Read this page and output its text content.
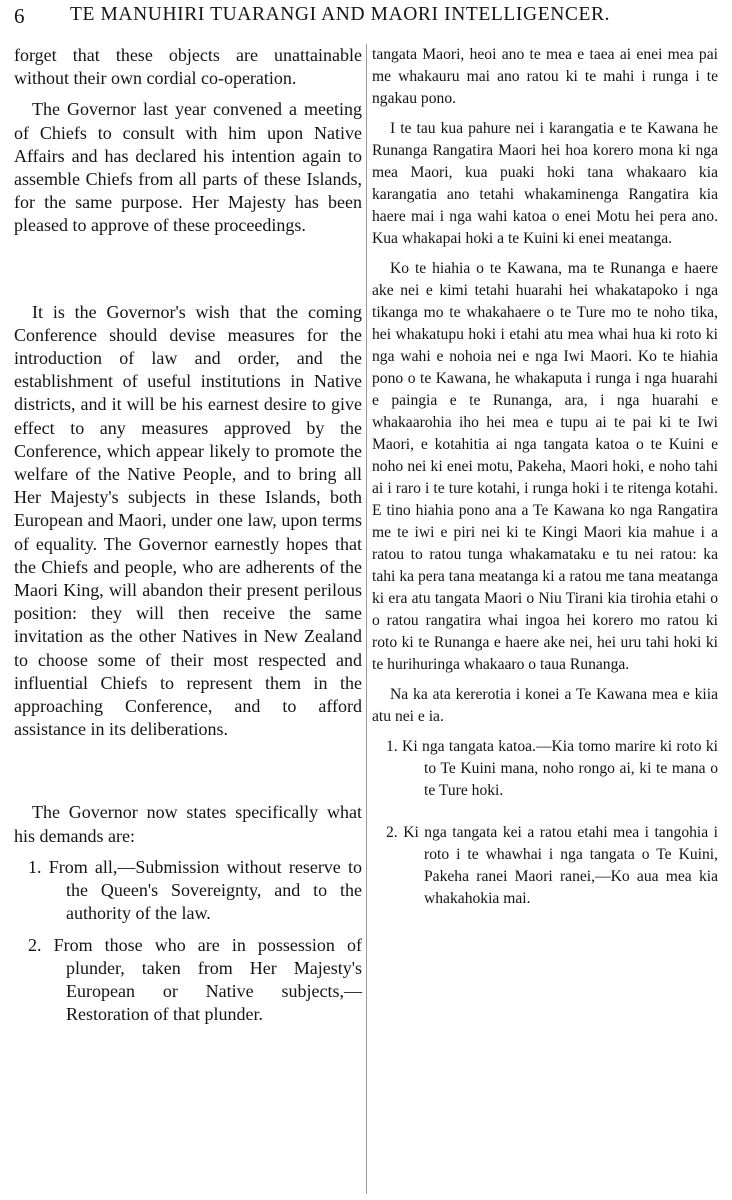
6 TE MANUHIRI TUARANGI AND MAORI INTELLIGENCER.

forget that these objects are unattainable without their own cordial co-operation.

The Governor last year convened a meeting of Chiefs to consult with him upon Native Affairs and has declared his intention again to assemble Chiefs from all parts of these Islands, for the same purpose. Her Majesty has been pleased to approve of these proceedings.

It is the Governor's wish that the coming Conference should devise measures for the introduction of law and order, and the establishment of useful institutions in Native districts, and it will be his earnest desire to give effect to any measures approved by the Conference, which appear likely to promote the welfare of the Native People, and to bring all Her Majesty's subjects in these Islands, both European and Maori, under one law, upon terms of equality. The Governor earnestly hopes that the Chiefs and people, who are adherents of the Maori King, will abandon their present perilous position: they will then receive the same invitation as the other Natives in New Zealand to choose some of their most respected and influential Chiefs to represent them in the approaching Conference, and to afford assistance in its deliberations.

The Governor now states specifically what his demands are:

1. From all,—Submission without reserve to the Queen's Sovereignty, and to the authority of the law.

2. From those who are in possession of plunder, taken from Her Majesty's European or Native subjects,—Restoration of that plunder.

tangata Maori, heoi ano te mea e taea ai enei mea pai me whakauru mai ano ratou ki te mahi i runga i te ngakau pono.

I te tau kua pahure nei i karangatia e te Kawana he Runanga Rangatira Maori hei hoa korero mona ki nga mea Maori, kua puaki hoki tana whakaaro kia karangatia ano tetahi whakaminenga Rangatira kia haere mai i nga wahi katoa o enei Motu hei pera ano. Kua whakapai hoki a te Kuini ki enei meatanga.

Ko te hiahia o te Kawana, ma te Runanga e haere ake nei e kimi tetahi huarahi hei whakatapoko i nga tikanga mo te whakahaere o te Ture mo te noho tika, hei whakatupu hoki i etahi atu mea whai hua ki roto ki nga wahi e nohoia nei e nga Iwi Maori. Ko te hiahia pono o te Kawana, he whakaputa i runga i nga huarahi e paingia e te Runanga, ara, i nga huarahi e whakaarohia iho hei mea e tupu ai te pai ki te Iwi Maori, e kotahitia ai nga tangata katoa o te Kuini e noho nei ki enei motu, Pakeha, Maori hoki, e noho tahi ai i raro i te ture kotahi, i runga hoki i te ritenga kotahi. E tino hiahia pono ana a Te Kawana ko nga Rangatira me te iwi e piri nei ki te Kingi Maori kia mahue i a ratou to ratou tunga whakamataku e tu nei ratou: ka tahi ka pera tana meatanga ki a ratou me tana meatanga ki era atu tangata Maori o Niu Tirani kia tirohia etahi o o ratou rangatira whai ingoa hei korero mo ratou ki roto ki te Runanga e haere ake nei, hei uru tahi hoki ki te hurihuringa whakaaro o taua Runanga.

Na ka ata kererotia i konei a Te Kawana mea e kiia atu nei e ia.

1. Ki nga tangata katoa.—Kia tomo marire ki roto ki to Te Kuini mana, noho rongo ai, ki te mana o te Ture hoki.

2. Ki nga tangata kei a ratou etahi mea i tangohia i roto i te whawhai i nga tangata o Te Kuini, Pakeha ranei Maori ranei,—Ko aua mea kia whakahokia mai.
